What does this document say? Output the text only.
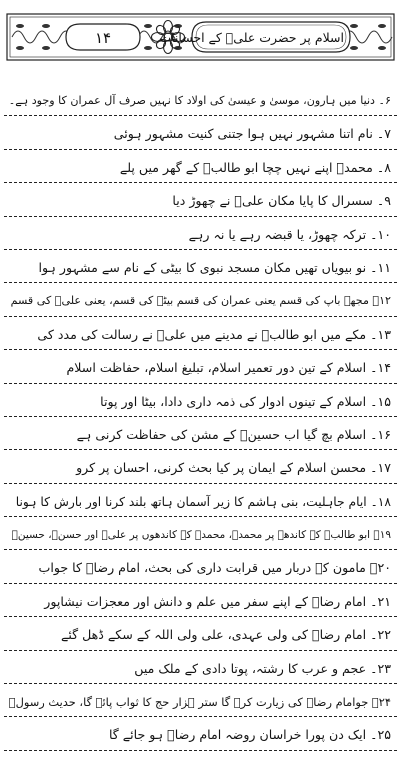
۱۴	اسلام پر حضرت علیؑ کے احسانات
۶۔ دنیا میں ہارون، موسیٰ و عیسیٰ کی اولاد کا نہیں صرف آل عمران کا وجود ہے۔
۷۔ نام اتنا مشہور نہیں ہوا جتنی کنیت مشہور ہوئی
۸۔ محمدؐ اپنے نہیں چچا ابو طالبؑ کے گھر میں پلے
۹۔ سسرال کا پایا مکان علیؑ نے چھوڑ دیا
۱۰۔ ترکہ چھوڑ، یا قبضہ رہے یا نہ رہے
۱۱۔ نو بیویاں تھیں مکان مسجد نبوی کا بیٹی کے نام سے مشہور ہوا
۱۲۔ مجھے باپ کی قسم یعنی عمران کی قسم بیٹے کی قسم، یعنی علیؑ کی قسم
۱۳۔ مکے میں ابو طالبؑ نے مدینے میں علیؑ نے رسالت کی مدد کی
۱۴۔ اسلام کے تین دور تعمیر اسلام، تبلیغ اسلام، حفاظت اسلام
۱۵۔ اسلام کے تینوں ادوار کی ذمہ داری دادا، بیٹا اور پوتا
۱۶۔ اسلام بچ گیا اب حسینؑ کے مشن کی حفاظت کرنی ہے
۱۷۔ محسن اسلام کے ایمان پر کیا بحث کرنی، احسان پر کرو
۱۸۔ ایام جاہلیت، بنی ہاشم کا زیر آسمان ہاتھ بلند کرنا اور بارش کا ہونا
۱۹۔ ابو طالبؑ کے کاندھے پر محمدؐ، محمدؐ کے کاندھوں پر علیؑ اور حسنؑ، حسینؑ
۲۰۔ مامون کے دربار میں قرابت داری کی بحث، امام رضاؑ کا جواب
۲۱۔ امام رضاؑ کے اپنے سفر میں علم و دانش اور معجزات نیشاپور
۲۲۔ امام رضاؑ کی ولی عہدی، علی ولی اللہ کے سکے ڈھل گئے
۲۳۔ عجم و عرب کا رشتہ، پوتا دادی کے ملک میں
۲۴۔ جوامام رضاؑ کی زیارت کرے گا ستر ہزار حج کا ثواب پائے گا، حدیث رسولؐ
۲۵۔ ایک دن پورا خراسان روضہ امام رضاؑ ہو جائے گا
